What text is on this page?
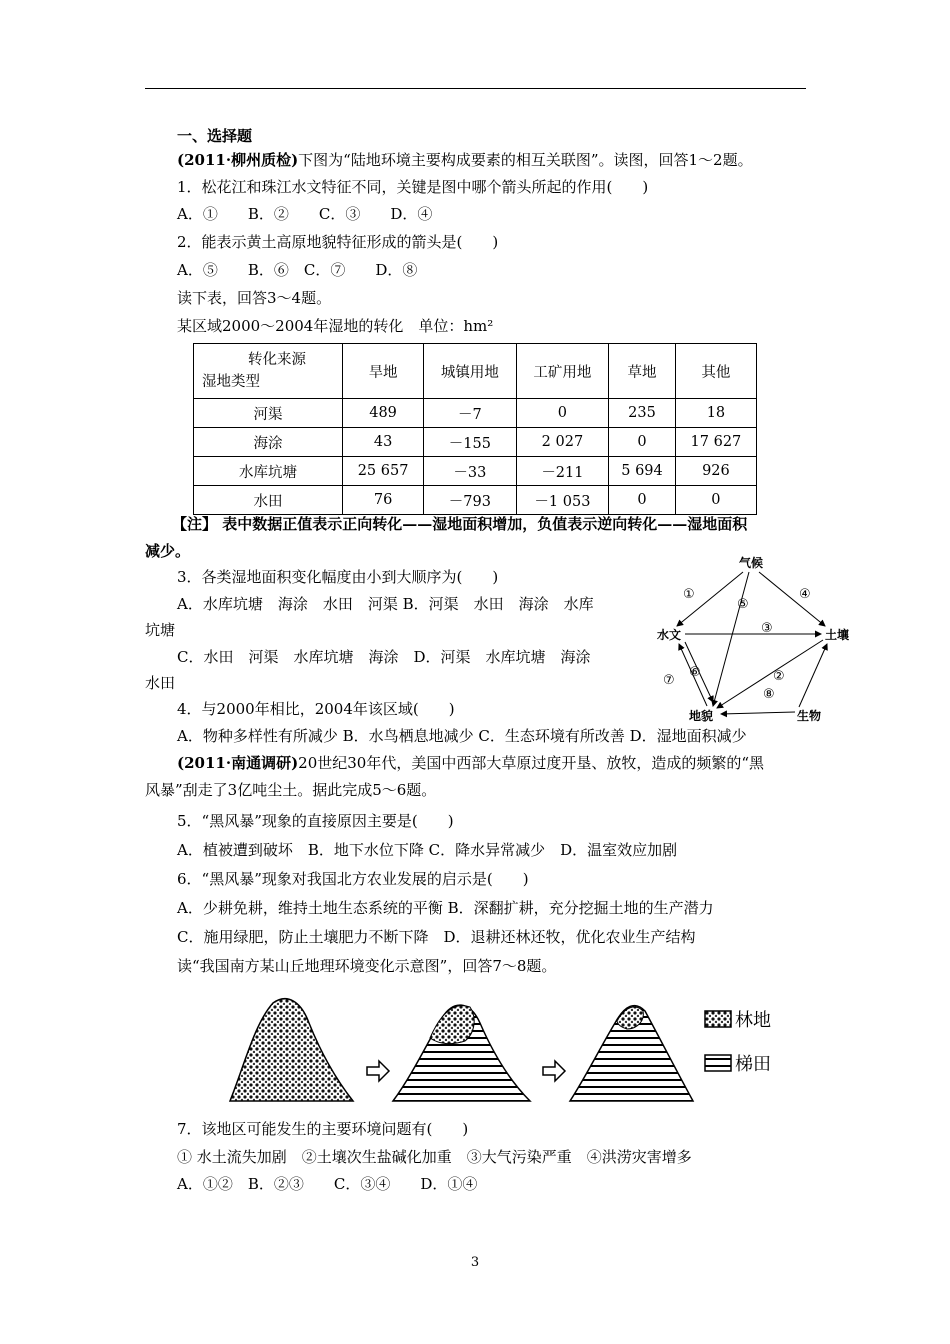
一、选择题
(2011·柳州质检)下图为“陆地环境主要构成要素的相互关联图”。读图，回答1～2题。
1．松花江和珠江水文特征不同，关键是图中哪个箭头所起的作用(　　)
A．①　　B．②　　C．③　　D．④
2．能表示黄土高原地貌特征形成的箭头是(　　)
A．⑤　　B．⑥　C．⑦　　D．⑧
读下表，回答3～4题。
某区域2000～2004年湿地的转化　单位：hm²
转化来源
湿地类型	旱地	城镇用地	工矿用地	草地	其他
河渠	489	－7	0	235	18
海涂	43	－155	2 027	0	17 627
水库坑塘	25 657	－33	－211	5 694	926
水田	76	－793	－1 053	0	0
【注】 表中数据正值表示正向转化——湿地面积增加，负值表示逆向转化——湿地面积
减少。
3．各类湿地面积变化幅度由小到大顺序为(　　)
A．水库坑塘　海涂　水田　河渠 B．河渠　水田　海涂　水库
坑塘
C．水田　河渠　水库坑塘　海涂　D．河渠　水库坑塘　海涂
水田
4．与2000年相比，2004年该区域(　　)
A．物种多样性有所减少 B．水鸟栖息地减少 C．生态环境有所改善 D．湿地面积减少
(2011·南通调研)20世纪30年代，美国中西部大草原过度开垦、放牧，造成的频繁的“黑
风暴”刮走了3亿吨尘土。据此完成5～6题。
5．“黑风暴”现象的直接原因主要是(　　)
A．植被遭到破坏　B．地下水位下降 C．降水异常减少　D．温室效应加剧
6．“黑风暴”现象对我国北方农业发展的启示是(　　)
A．少耕免耕，维持土地生态系统的平衡 B．深翻扩耕，充分挖掘土地的生产潜力
C．施用绿肥，防止土壤肥力不断下降　D．退耕还林还牧，优化农业生产结构
读“我国南方某山丘地理环境变化示意图”，回答7～8题。
气候
水文	土壤
地貌	生物
①
②
③
④
⑤
⑥
⑦
⑧
林地
梯田
7．该地区可能发生的主要环境问题有(　　)
① 水土流失加剧　②土壤次生盐碱化加重　③大气污染严重　④洪涝灾害增多
A．①②　B．②③　　C．③④　　D．①④
3
